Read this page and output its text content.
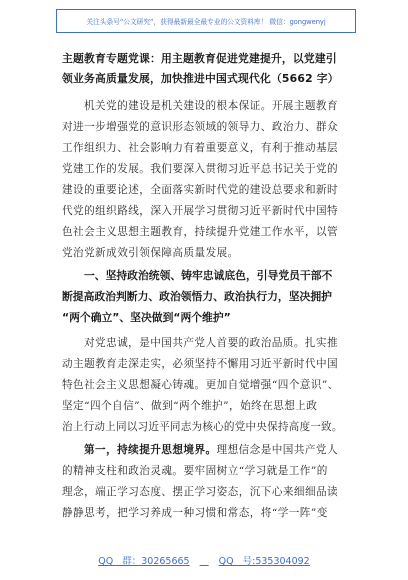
关注头条号“公文研究”，获得最新最全最专业的公文资料库！ 微信：gongwenyj
主题教育专题党课：用主题教育促进党建提升，以党建引
领业务高质量发展，加快推进中国式现代化（5662 字）
机关党的建设是机关建设的根本保证。开展主题教育
对进一步增强党的意识形态领域的领导力、政治力、群众
工作组织力、社会影响力有着重要意义，有利于推动基层
党建工作的发展。我们要深入贯彻习近平总书记关于党的
建设的重要论述，全面落实新时代党的建设总要求和新时
代党的组织路线，深入开展学习贯彻习近平新时代中国特
色社会主义思想主题教育，持续提升党建工作水平，以管
党治党新成效引领保障高质量发展。
一、坚持政治统领、铸牢忠诚底色，引导党员干部不
断提高政治判断力、政治领悟力、政治执行力，坚决拥护
“两个确立”、坚决做到“两个维护”
对党忠诚，是中国共产党人首要的政治品质。扎实推
动主题教育走深走实，必须坚持不懈用习近平新时代中国
特色社会主义思想凝心铸魂。更加自觉增强“四个意识”、
坚定“四个自信”、做到“两个维护”，始终在思想上政
治上行动上同以习近平同志为核心的党中央保持高度一致。
第一，持续提升思想境界。理想信念是中国共产党人
的精神支柱和政治灵魂。要牢固树立“学习就是工作”的
理念，端正学习态度、摆正学习姿态，沉下心来细细品读
静静思考，把学习养成一种习惯和常态，将“学一阵”变
QQ 群：30265665	QQ 号:535304092
